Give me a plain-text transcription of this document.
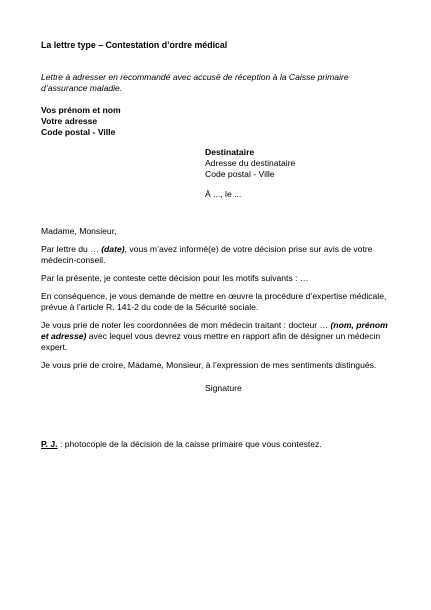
La lettre type – Contestation d’ordre médical
Lettre à adresser en recommandé avec accusé de réception à la Caisse primaire d’assurance maladie.
Vos prénom et nom
Votre adresse
Code postal - Ville
Destinataire
Adresse du destinataire
Code postal - Ville
À ..., le ...

Madame, Monsieur,

Par lettre du … (date), vous m’avez informé(e) de votre décision prise sur avis de votre médecin-conseil.

Par la présente, je conteste cette décision pour les motifs suivants : …

En conséquence, je vous demande de mettre en œuvre la procédure d’expertise médicale, prévue à l’article R. 141-2 du code de la Sécurité sociale.

Je vous prie de noter les coordonnées de mon médecin traitant : docteur … (nom, prénom et adresse) avec lequel vous devrez vous mettre en rapport afin de désigner un médecin expert.

Je vous prie de croire, Madame, Monsieur, à l’expression de mes sentiments distingués.

Signature
P. J. : photocopie de la décision de la caisse primaire que vous contestez.
